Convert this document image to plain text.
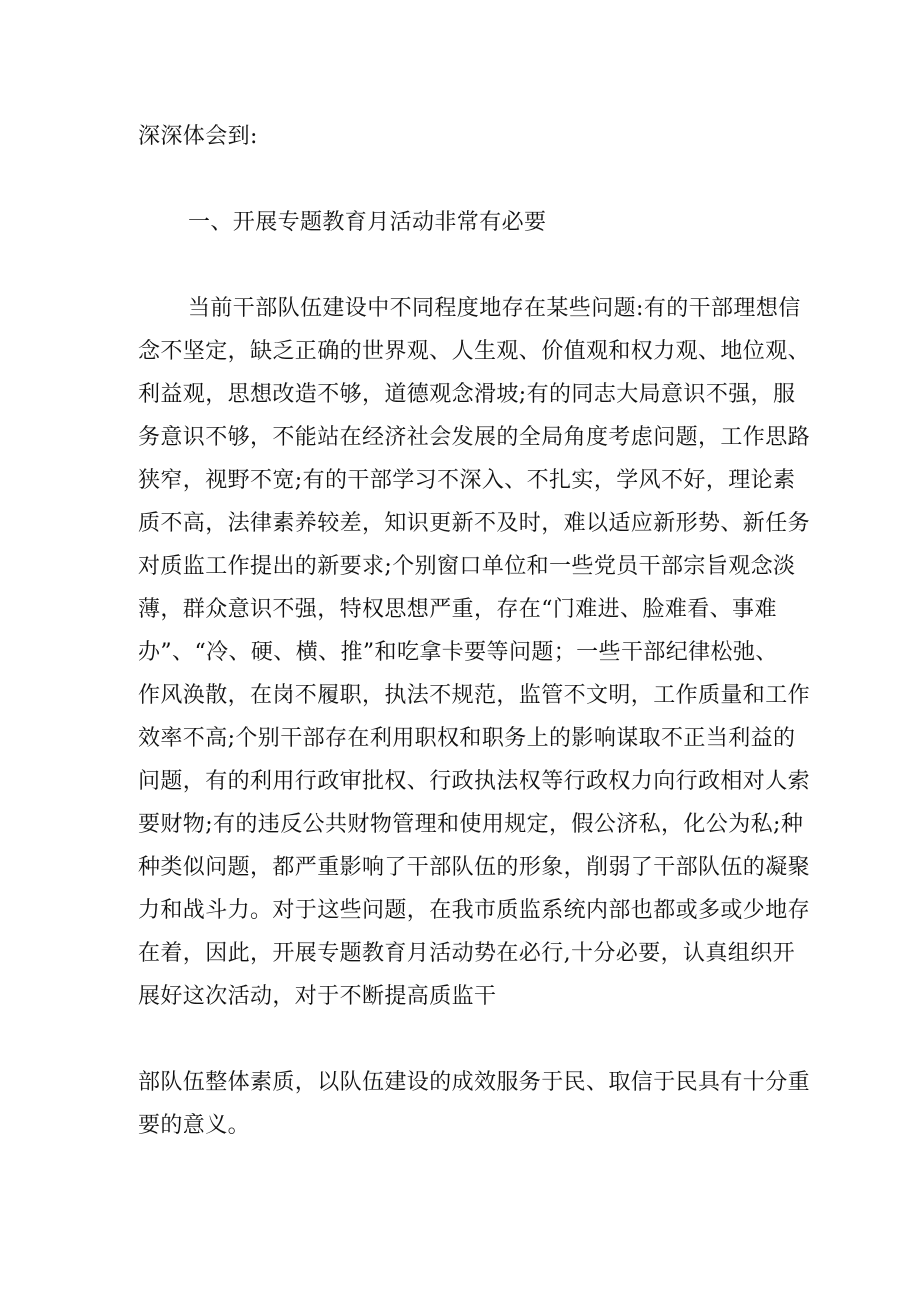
深深体会到:
一、开展专题教育月活动非常有必要
当前干部队伍建设中不同程度地存在某些问题:有的干部理想信
念不坚定，缺乏正确的世界观、人生观、价值观和权力观、地位观、
利益观，思想改造不够，道德观念滑坡;有的同志大局意识不强，服
务意识不够，不能站在经济社会发展的全局角度考虑问题，工作思路
狭窄，视野不宽;有的干部学习不深入、不扎实，学风不好，理论素
质不高，法律素养较差，知识更新不及时，难以适应新形势、新任务
对质监工作提出的新要求;个别窗口单位和一些党员干部宗旨观念淡
薄，群众意识不强，特权思想严重，存在“门难进、脸难看、事难
办”、“冷、硬、横、推”和吃拿卡要等问题；一些干部纪律松弛、
作风涣散，在岗不履职，执法不规范，监管不文明，工作质量和工作
效率不高;个别干部存在利用职权和职务上的影响谋取不正当利益的
问题，有的利用行政审批权、行政执法权等行政权力向行政相对人索
要财物;有的违反公共财物管理和使用规定，假公济私，化公为私;种
种类似问题，都严重影响了干部队伍的形象，削弱了干部队伍的凝聚
力和战斗力。对于这些问题，在我市质监系统内部也都或多或少地存
在着，因此，开展专题教育月活动势在必行,十分必要，认真组织开
展好这次活动，对于不断提高质监干
部队伍整体素质，以队伍建设的成效服务于民、取信于民具有十分重
要的意义。
